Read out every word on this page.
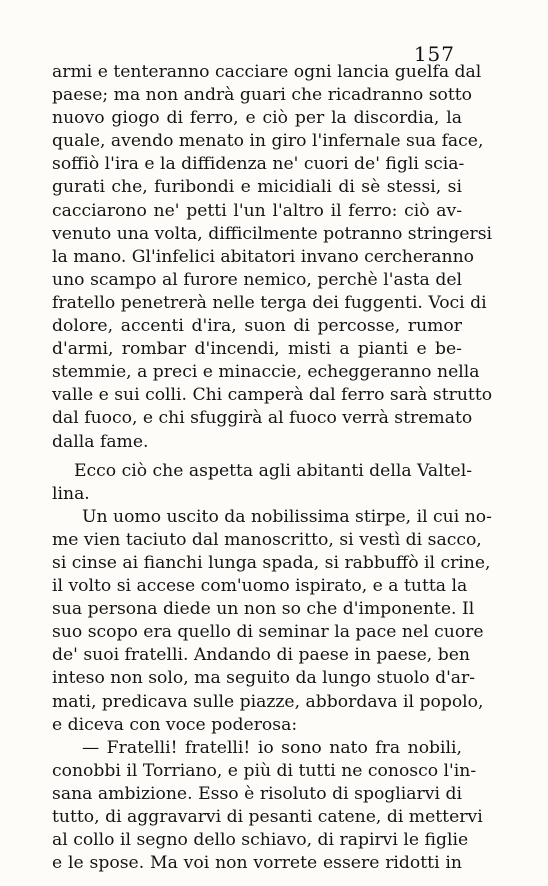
157
armi e tenteranno cacciare ogni lancia guelfa dal
paese; ma non andrà guari che ricadranno sotto
nuovo giogo di ferro, e ciò per la discordia, la
quale, avendo menato in giro l'infernale sua face,
soffiò l'ira e la diffidenza ne' cuori de' figli scia-
gurati che, furibondi e micidiali di sè stessi, si
cacciarono ne' petti l'un l'altro il ferro: ciò av-
venuto una volta, difficilmente potranno stringersi
la mano. Gl'infelici abitatori invano cercheranno
uno scampo al furore nemico, perchè l'asta del
fratello penetrerà nelle terga dei fuggenti. Voci di
dolore, accenti d'ira, suon di percosse, rumor
d'armi, rombar d'incendi, misti a pianti e be-
stemmie, a preci e minaccie, echeggeranno nella
valle e sui colli. Chi camperà dal ferro sarà strutto
dal fuoco, e chi sfuggirà al fuoco verrà stremato
dalla fame.
Ecco ciò che aspetta agli abitanti della Valtel-
lina.
Un uomo uscito da nobilissima stirpe, il cui no-
me vien taciuto dal manoscritto, si vestì di sacco,
si cinse ai fianchi lunga spada, si rabbuffò il crine,
il volto si accese com'uomo ispirato, e a tutta la
sua persona diede un non so che d'imponente. Il
suo scopo era quello di seminar la pace nel cuore
de' suoi fratelli. Andando di paese in paese, ben
inteso non solo, ma seguito da lungo stuolo d'ar-
mati, predicava sulle piazze, abbordava il popolo,
e diceva con voce poderosa:
— Fratelli! fratelli! io sono nato fra nobili,
conobbi il Torriano, e più di tutti ne conosco l'in-
sana ambizione. Esso è risoluto di spogliarvi di
tutto, di aggravarvi di pesanti catene, di mettervi
al collo il segno dello schiavo, di rapirvi le figlie
e le spose. Ma voi non vorrete essere ridotti in
